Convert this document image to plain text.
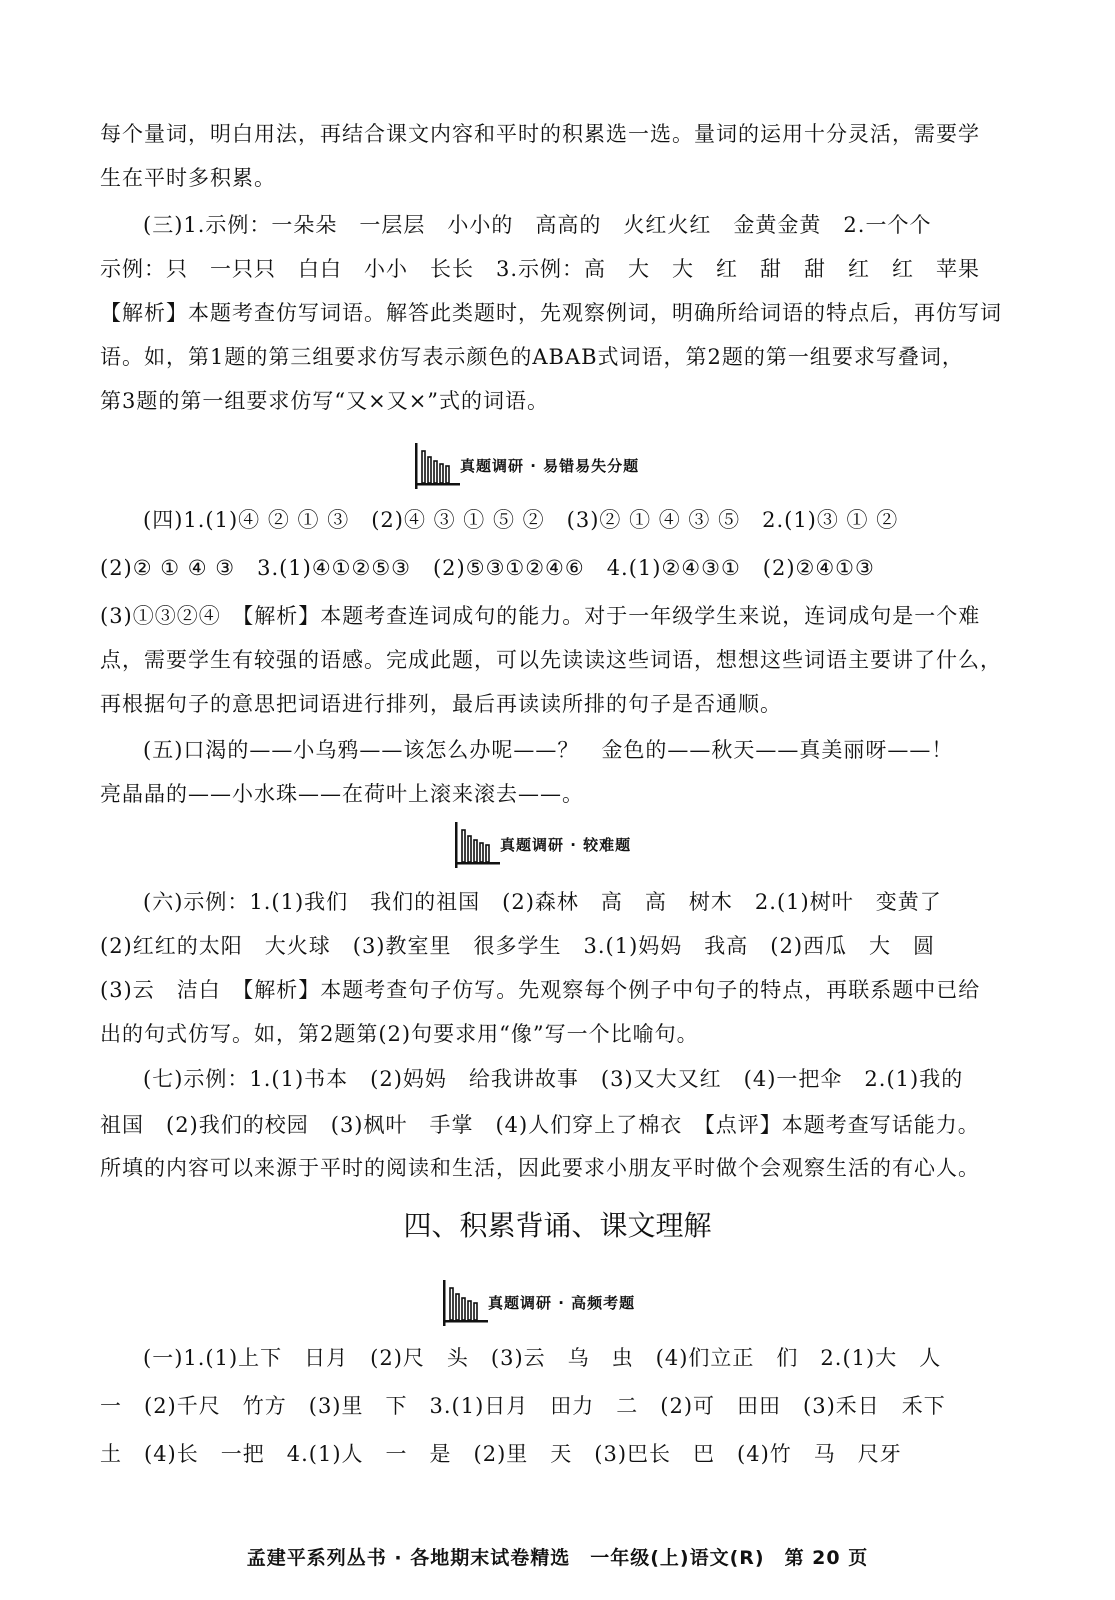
每个量词，明白用法，再结合课文内容和平时的积累选一选。量词的运用十分灵活，需要学
生在平时多积累。
(三)1.示例：一朵朵　一层层　小小的　高高的　火红火红　金黄金黄　2.一个个
示例：只　一只只　白白　小小　长长　3.示例：高　大　大　红　甜　甜　红　红　苹果
【解析】本题考查仿写词语。解答此类题时，先观察例词，明确所给词语的特点后，再仿写词
语。如，第1题的第三组要求仿写表示颜色的ABAB式词语，第2题的第一组要求写叠词，
第3题的第一组要求仿写“又×又×”式的词语。
真题调研 · 易错易失分题
(四)1.(1)④ ② ① ③　(2)④ ③ ① ⑤ ②　(3)② ① ④ ③ ⑤　2.(1)③ ① ②
(2)② ① ④ ③　3.(1)④①②⑤③　(2)⑤③①②④⑥　4.(1)②④③①　(2)②④①③
(3)①③②④　【解析】本题考查连词成句的能力。对于一年级学生来说，连词成句是一个难
点，需要学生有较强的语感。完成此题，可以先读读这些词语，想想这些词语主要讲了什么，
再根据句子的意思把词语进行排列，最后再读读所排的句子是否通顺。
(五)口渴的——小乌鸦——该怎么办呢——？　金色的——秋天——真美丽呀——！
亮晶晶的——小水珠——在荷叶上滚来滚去——。
真题调研 · 较难题
(六)示例：1.(1)我们　我们的祖国　(2)森林　高　高　树木　2.(1)树叶　变黄了
(2)红红的太阳　大火球　(3)教室里　很多学生　3.(1)妈妈　我高　(2)西瓜　大　圆
(3)云　洁白　【解析】本题考查句子仿写。先观察每个例子中句子的特点，再联系题中已给
出的句式仿写。如，第2题第(2)句要求用“像”写一个比喻句。
(七)示例：1.(1)书本　(2)妈妈　给我讲故事　(3)又大又红　(4)一把伞　2.(1)我的
祖国　(2)我们的校园　(3)枫叶　手掌　(4)人们穿上了棉衣　【点评】本题考查写话能力。
所填的内容可以来源于平时的阅读和生活，因此要求小朋友平时做个会观察生活的有心人。
四、积累背诵、课文理解
真题调研 · 高频考题
(一)1.(1)上下　日月　(2)尺　头　(3)云　乌　虫　(4)们立正　们　2.(1)大　人
一　(2)千尺　竹方　(3)里　下　3.(1)日月　田力　二　(2)可　田田　(3)禾日　禾下
土　(4)长　一把　4.(1)人　一　是　(2)里　天　(3)巴长　巴　(4)竹　马　尺牙
孟建平系列丛书 · 各地期末试卷精选　一年级(上)语文(R)　第 20 页
